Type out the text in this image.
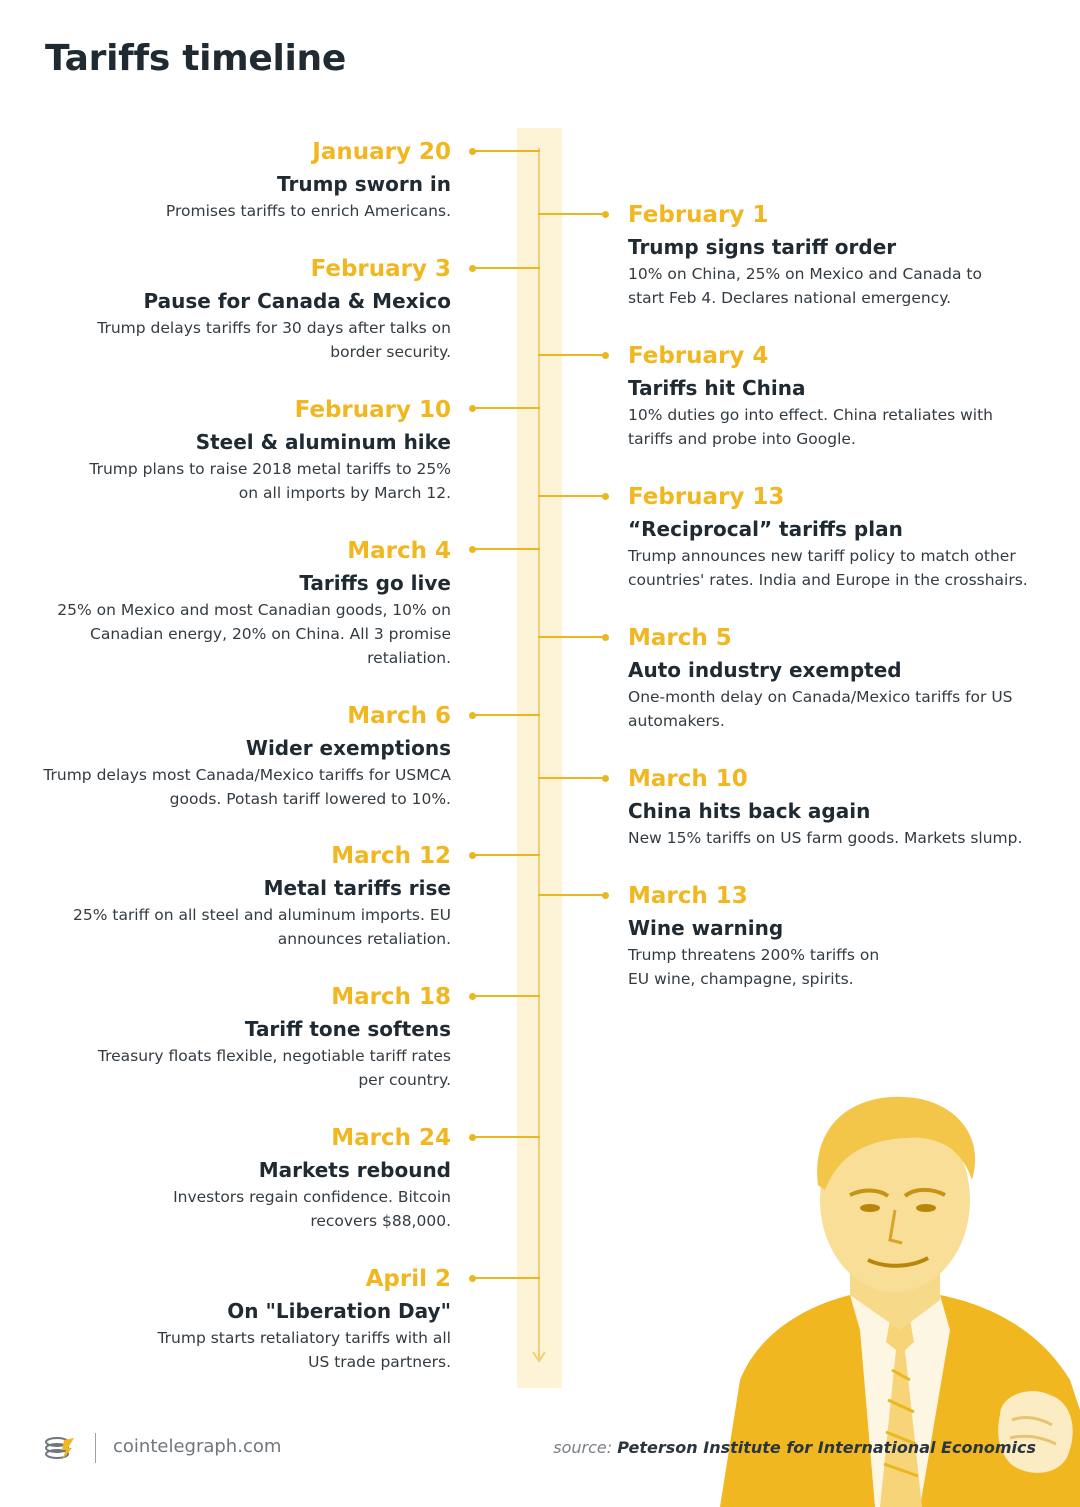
Tariffs timeline
January 20
Trump sworn in
Promises tariffs to enrich Americans.
February 3
Pause for Canada & Mexico
Trump delays tariffs for 30 days after talks on
border security.
February 10
Steel & aluminum hike
Trump plans to raise 2018 metal tariffs to 25%
on all imports by March 12.
March 4
Tariffs go live
25% on Mexico and most Canadian goods, 10% on
Canadian energy, 20% on China. All 3 promise
retaliation.
March 6
Wider exemptions
Trump delays most Canada/Mexico tariffs for USMCA
goods. Potash tariff lowered to 10%.
March 12
Metal tariffs rise
25% tariff on all steel and aluminum imports. EU
announces retaliation.
March 18
Tariff tone softens
Treasury floats flexible, negotiable tariff rates
per country.
March 24
Markets rebound
Investors regain confidence. Bitcoin
recovers $88,000.
April 2
On "Liberation Day"
Trump starts retaliatory tariffs with all
US trade partners.
February 1
Trump signs tariff order
10% on China, 25% on Mexico and Canada to
start Feb 4. Declares national emergency.
February 4
Tariffs hit China
10% duties go into effect. China retaliates with
tariffs and probe into Google.
February 13
“Reciprocal” tariffs plan
Trump announces new tariff policy to match other
countries' rates. India and Europe in the crosshairs.
March 5
Auto industry exempted
One-month delay on Canada/Mexico tariffs for US
automakers.
March 10
China hits back again
New 15% tariffs on US farm goods. Markets slump.
March 13
Wine warning
Trump threatens 200% tariffs on
EU wine, champagne, spirits.
cointelegraph.com	source: Peterson Institute for International Economics
